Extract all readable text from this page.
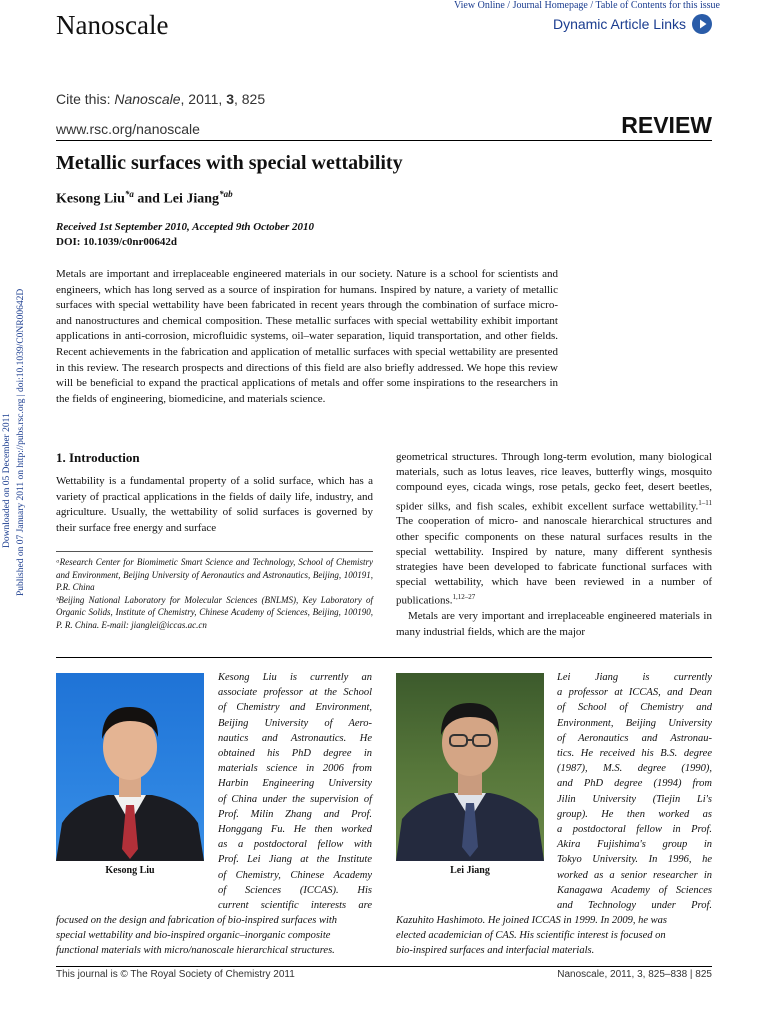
View Online / Journal Homepage / Table of Contents for this issue
Nanoscale	Dynamic Article Links
Cite this: Nanoscale, 2011, 3, 825
www.rsc.org/nanoscale	REVIEW
Metallic surfaces with special wettability
Kesong Liu$^{*a}$ and Lei Jiang$^{*ab}$
Received 1st September 2010, Accepted 9th October 2010
DOI: 10.1039/c0nr00642d
Downloaded on 05 December 2011 Published on 07 January 2011 on http://pubs.rsc.org | doi:10.1039/C0NR00642D
Metals are important and irreplaceable engineered materials in our society. Nature is a school for scientists and engineers, which has long served as a source of inspiration for humans. Inspired by nature, a variety of metallic surfaces with special wettability have been fabricated in recent years through the combination of surface micro- and nanostructures and chemical composition. These metallic surfaces with special wettability exhibit important applications in anti-corrosion, microfluidic systems, oil–water separation, liquid transportation, and other fields. Recent achievements in the fabrication and application of metallic surfaces with special wettability are presented in this review. The research prospects and directions of this field are also briefly addressed. We hope this review will be beneficial to expand the practical applications of metals and offer some inspirations to the researchers in the fields of engineering, biomedicine, and materials science.
1. Introduction
Wettability is a fundamental property of a solid surface, which has a variety of practical applications in the fields of daily life, industry, and agriculture. Usually, the wettability of solid surfaces is governed by their surface free energy and surface
ᵃResearch Center for Biomimetic Smart Science and Technology, School of Chemistry and Environment, Beijing University of Aeronautics and Astronautics, Beijing, 100191, P.R. China
ᵇBeijing National Laboratory for Molecular Sciences (BNLMS), Key Laboratory of Organic Solids, Institute of Chemistry, Chinese Academy of Sciences, Beijing, 100190, P. R. China. E-mail: jianglei@iccas.ac.cn
geometrical structures. Through long-term evolution, many biological materials, such as lotus leaves, rice leaves, butterfly wings, mosquito compound eyes, cicada wings, rose petals, gecko feet, desert beetles, spider silks, and fish scales, exhibit excellent surface wettability.$^{1-11}$ The cooperation of micro- and nanoscale hierarchical structures and other specific components on these natural surfaces results in the special wettability. Inspired by nature, many different synthesis strategies have been developed to fabricate functional surfaces with special wettability, which have been reviewed in a number of publications.$^{1,12-27}$
Metals are very important and irreplaceable engineered materials in many industrial fields, which are the major
Kesong Liu
Kesong Liu is currently an
associate professor at the School
of Chemistry and Environment,
Beijing University of Aero-
nautics and Astronautics. He
obtained his PhD degree in
materials science in 2006 from
Harbin Engineering University
of China under the supervision of
Prof. Milin Zhang and Prof.
Honggang Fu. He then worked
as a postdoctoral fellow with
Prof. Lei Jiang at the Institute
of Chemistry, Chinese Academy
of Sciences (ICCAS). His
current scientific interests are
focused on the design and fabrication of bio-inspired surfaces with
special wettability and bio-inspired organic–inorganic composite
functional materials with micro/nanoscale hierarchical structures.
Lei Jiang
Lei Jiang is currently
a professor at ICCAS, and Dean
of School of Chemistry and
Environment, Beijing University
of Aeronautics and Astronau-
tics. He received his B.S. degree
(1987), M.S. degree (1990),
and PhD degree (1994) from
Jilin University (Tiejin Li's
group). He then worked as
a postdoctoral fellow in Prof.
Akira Fujishima's group in
Tokyo University. In 1996, he
worked as a senior researcher in
Kanagawa Academy of Sciences
and Technology under Prof.
Kazuhito Hashimoto. He joined ICCAS in 1999. In 2009, he was
elected academician of CAS. His scientific interest is focused on
bio-inspired surfaces and interfacial materials.
This journal is © The Royal Society of Chemistry 2011	Nanoscale, 2011, 3, 825–838 | 825
